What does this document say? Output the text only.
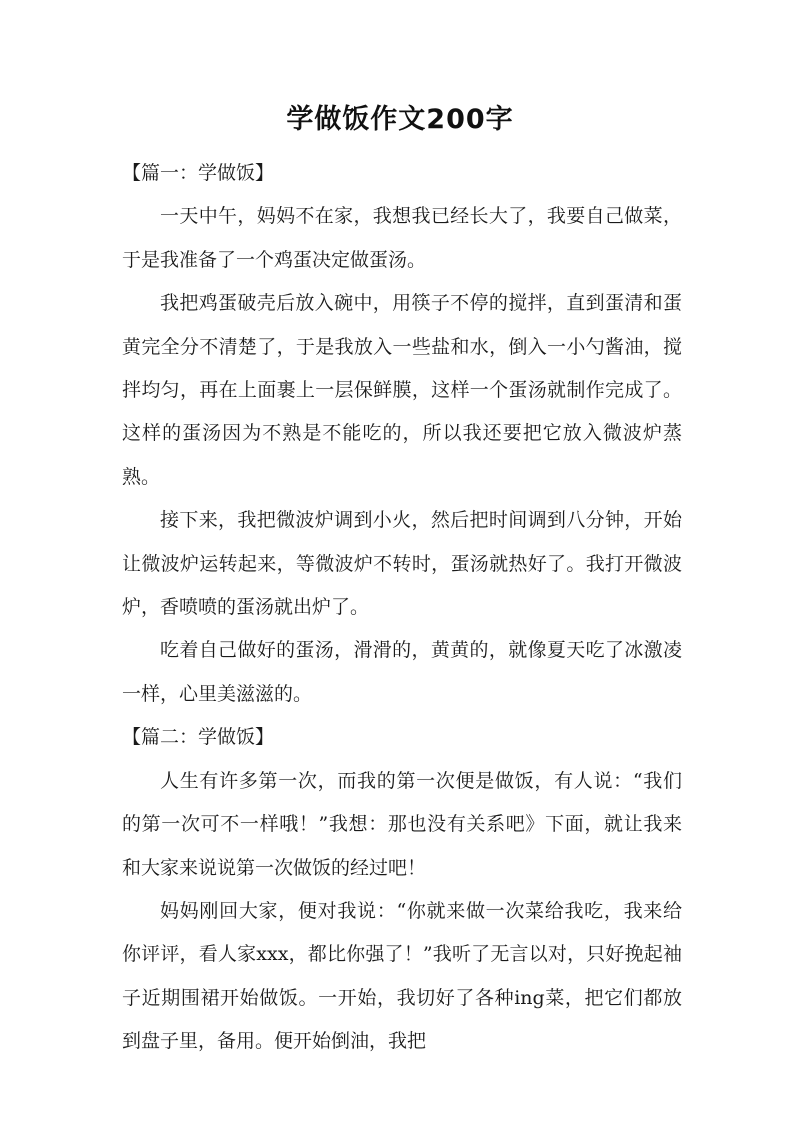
学做饭作文200字

【篇一：学做饭】

一天中午，妈妈不在家，我想我已经长大了，我要自己做菜，于是我准备了一个鸡蛋决定做蛋汤。

我把鸡蛋破壳后放入碗中，用筷子不停的搅拌，直到蛋清和蛋黄完全分不清楚了，于是我放入一些盐和水，倒入一小勺酱油，搅拌均匀，再在上面裹上一层保鲜膜，这样一个蛋汤就制作完成了。这样的蛋汤因为不熟是不能吃的，所以我还要把它放入微波炉蒸熟。

接下来，我把微波炉调到小火，然后把时间调到八分钟，开始让微波炉运转起来，等微波炉不转时，蛋汤就热好了。我打开微波炉，香喷喷的蛋汤就出炉了。

吃着自己做好的蛋汤，滑滑的，黄黄的，就像夏天吃了冰激凌一样，心里美滋滋的。

【篇二：学做饭】

人生有许多第一次，而我的第一次便是做饭，有人说：“我们的第一次可不一样哦！”我想：那也没有关系吧》下面，就让我来和大家来说说第一次做饭的经过吧！

妈妈刚回大家，便对我说：“你就来做一次菜给我吃，我来给你评评，看人家xxx，都比你强了！”我听了无言以对，只好挽起袖子近期围裙开始做饭。一开始，我切好了各种ing菜，把它们都放到盘子里，备用。便开始倒油，我把
